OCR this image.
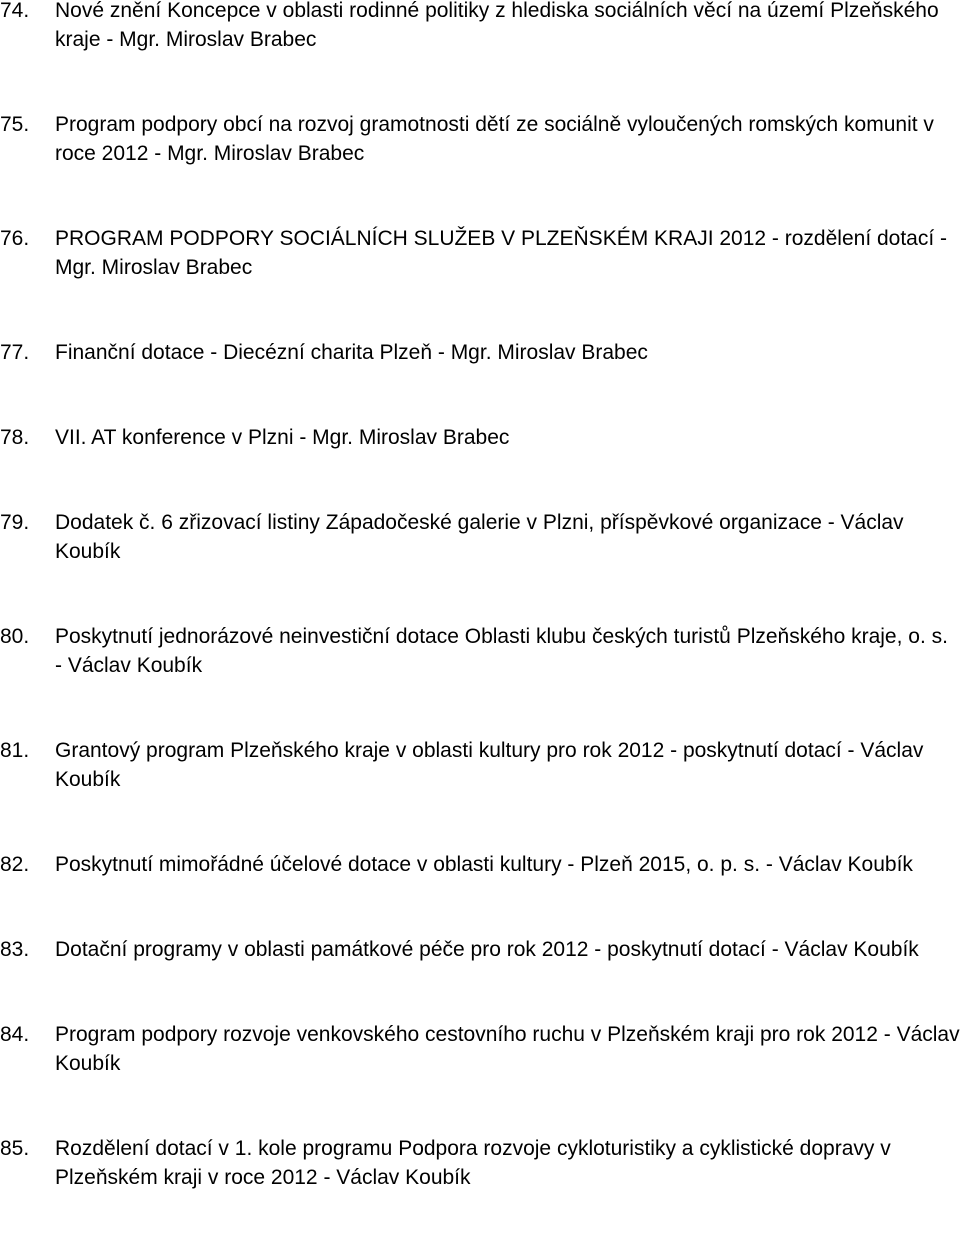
74.	Nové znění Koncepce v oblasti rodinné politiky z hlediska sociálních věcí na území Plzeňského kraje - Mgr. Miroslav Brabec
75.	Program podpory obcí na rozvoj gramotnosti dětí ze sociálně vyloučených romských komunit v roce 2012 - Mgr. Miroslav Brabec
76.	PROGRAM PODPORY SOCIÁLNÍCH SLUŽEB V PLZEŇSKÉM KRAJI 2012 - rozdělení dotací - Mgr. Miroslav Brabec
77.	Finanční dotace - Diecézní charita Plzeň - Mgr. Miroslav Brabec
78.	VII. AT konference v Plzni - Mgr. Miroslav Brabec
79.	Dodatek č. 6 zřizovací listiny Západočeské galerie v Plzni, příspěvkové organizace - Václav Koubík
80.	Poskytnutí jednorázové neinvestiční dotace Oblasti klubu českých turistů Plzeňského kraje, o. s. - Václav Koubík
81.	Grantový program Plzeňského kraje v oblasti kultury pro rok 2012 - poskytnutí dotací - Václav Koubík
82.	Poskytnutí mimořádné účelové dotace v oblasti kultury - Plzeň 2015, o. p. s. - Václav Koubík
83.	Dotační programy v oblasti památkové péče pro rok 2012 - poskytnutí dotací - Václav Koubík
84.	Program podpory rozvoje venkovského cestovního ruchu v Plzeňském kraji pro rok 2012 - Václav Koubík
85.	Rozdělení dotací v 1. kole programu Podpora rozvoje cykloturistiky a cyklistické dopravy v Plzeňském kraji v roce 2012 - Václav Koubík
